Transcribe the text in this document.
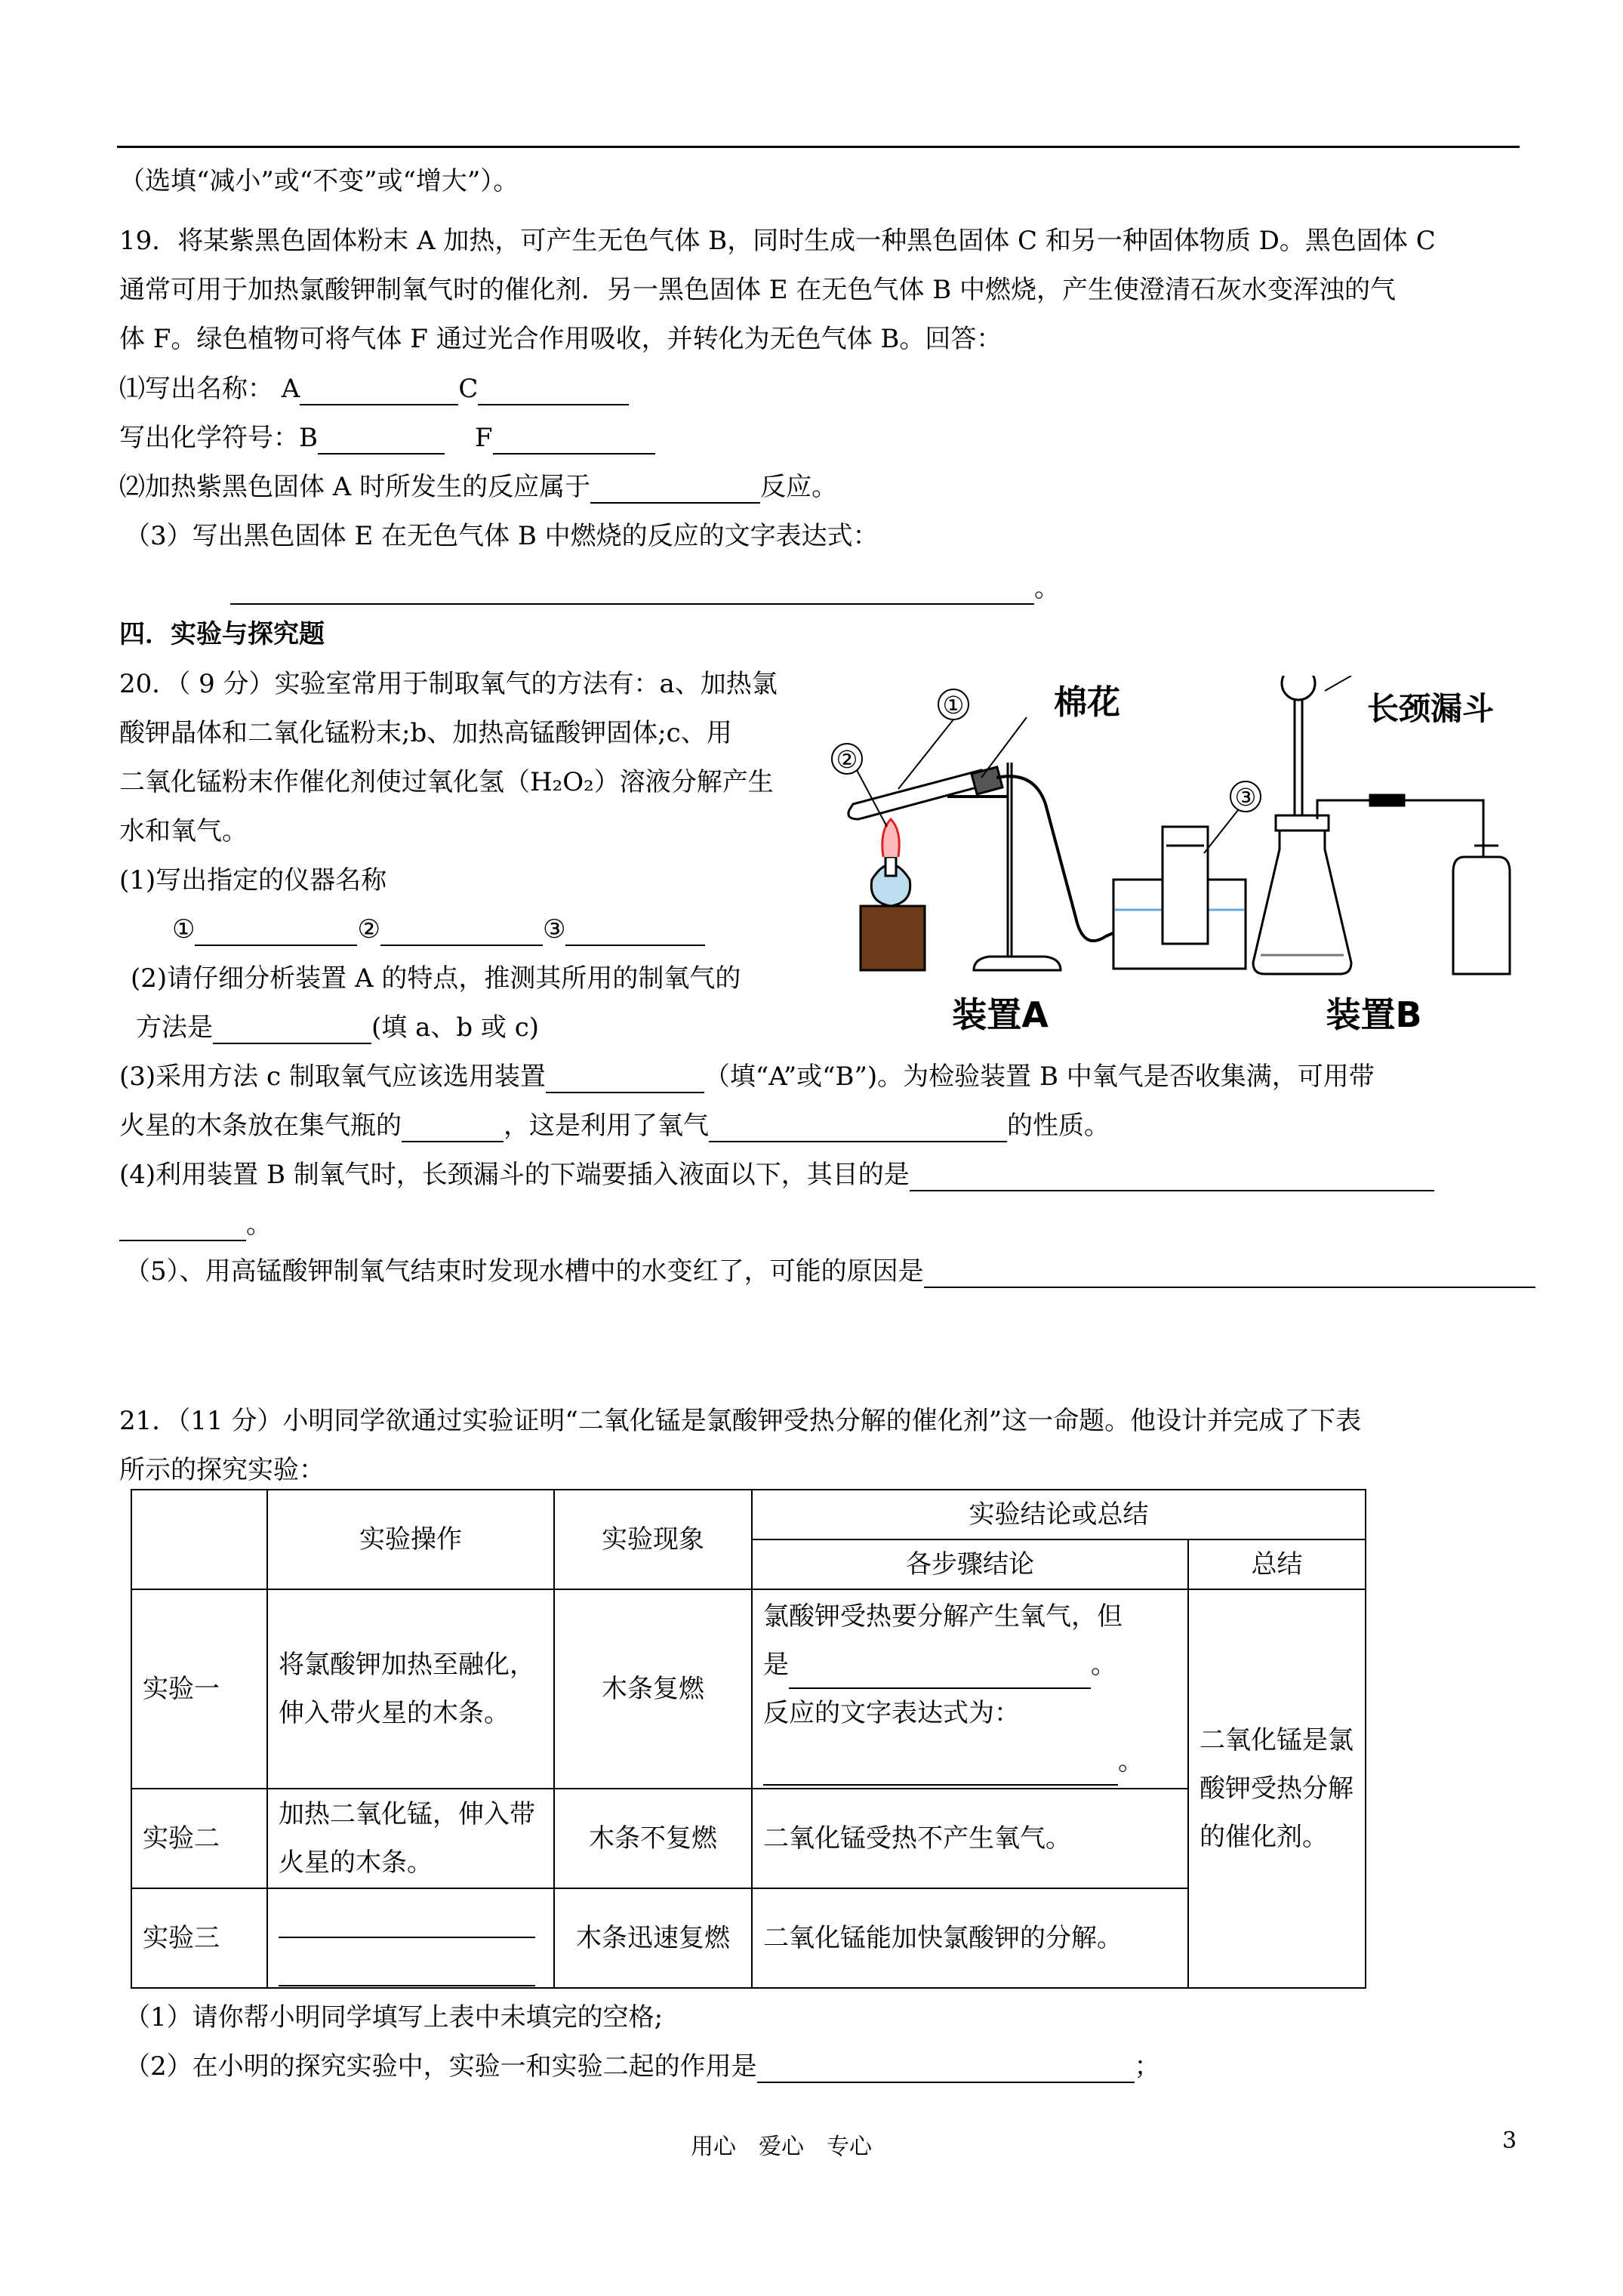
（选填“减小”或“不变”或“增大”）。
19．将某紫黑色固体粉末 A 加热，可产生无色气体 B，同时生成一种黑色固体 C 和另一种固体物质 D。黑色固体 C
通常可用于加热氯酸钾制氧气时的催化剂．另一黑色固体 E 在无色气体 B 中燃烧，产生使澄清石灰水变浑浊的气
体 F。绿色植物可将气体 F 通过光合作用吸收，并转化为无色气体 B。回答：
⑴写出名称： A	C
写出化学符号：B	F
⑵加热紫黑色固体 A 时所发生的反应属于	反应。
（3）写出黑色固体 E 在无色气体 B 中燃烧的反应的文字表达式：
。
四．实验与探究题
20．（ 9 分）实验室常用于制取氧气的方法有：a、加热氯
酸钾晶体和二氧化锰粉末;b、加热高锰酸钾固体;c、用
二氧化锰粉末作催化剂使过氧化氢（H₂O₂）溶液分解产生
水和氧气。
(1)写出指定的仪器名称
①	②	③
(2)请仔细分析装置 A 的特点，推测其所用的制氧气的
方法是	(填 a、b 或 c)
①
②
③
棉花
装置A
长颈漏斗
装置B
(3)采用方法 c 制取氧气应该选用装置	（填“A”或“B”)。为检验装置 B 中氧气是否收集满，可用带
火星的木条放在集气瓶的	，这是利用了氧气	的性质。
(4)利用装置 B 制氧气时，长颈漏斗的下端要插入液面以下，其目的是
。
（5）、用高锰酸钾制氧气结束时发现水槽中的水变红了，可能的原因是
21．（11 分）小明同学欲通过实验证明“二氧化锰是氯酸钾受热分解的催化剂”这一命题。他设计并完成了下表
所示的探究实验：
	实验操作	实验现象	实验结论或总结	
			各步骤结论	总结
实验一	将氯酸钾加热至融化，伸入带火星的木条。	木条复燃	氯酸钾受热要分解产生氧气，但
是 。
反应的文字表达式为：
。	二氧化锰是氯酸钾受热分解的催化剂。
实验二	加热二氧化锰，伸入带火星的木条。	木条不复燃	二氧化锰受热不产生氧气。	
实验三		木条迅速复燃	二氧化锰能加快氯酸钾的分解。	
（1）请你帮小明同学填写上表中未填完的空格;
（2）在小明的探究实验中，实验一和实验二起的作用是	；
用心　爱心　专心	3
